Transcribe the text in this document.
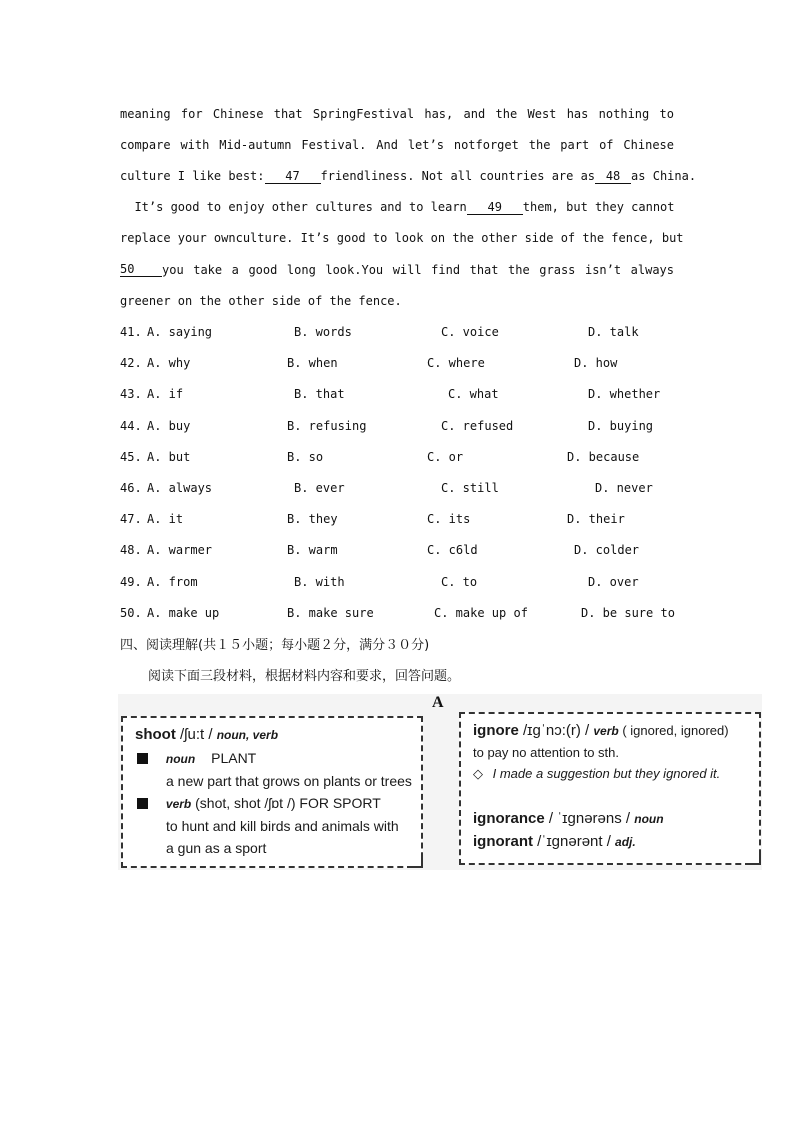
meaning for Chinese that SpringFestival has, and the West has nothing to
compare with Mid-autumn Festival. And let’s notforget the part of Chinese
culture I like best: 47 friendliness. Not all countries are as 48 as China.
It’s good to enjoy other cultures and to learn 49 them, but they cannot
replace your ownculture. It’s good to look on the other side of the fence, but
50	you take a good long look.You will find that the grass isn’t always
greener on the other side of the fence.
41. A. saying	B. words	C. voice	D. talk
42. A. why	B. when	C. where	D. how
43. A. if	B. that	C. what	D. whether
44. A. buy	B. refusing	C. refused	D. buying
45. A. but	B. so	C. or	D. because
46. A. always	B. ever	C. still	D. never
47. A. it	B. they	C. its	D. their
48. A. warmer	B. warm	C. c6ld	D. colder
49. A. from	B. with	C. to	D. over
50. A. make up	B. make sure	C. make up of	D. be sure to
四、阅读理解(共１５小题；每小题２分，满分３０分)
阅读下面三段材料，根据材料内容和要求，回答问题。
A
shoot /ʃu:t / noun, verb
noun PLANT
a new part that grows on plants or trees
verb (shot, shot /ʃɒt /) FOR SPORT
to hunt and kill birds and animals with
a gun as a sport
ignore /ɪgˈnɔ:(r) / verb ( ignored, ignored)
to pay no attention to sth.
◇ I made a suggestion but they ignored it.
ignorance / ˈɪgnərəns / noun
ignorant /ˈɪgnərənt / adj.
